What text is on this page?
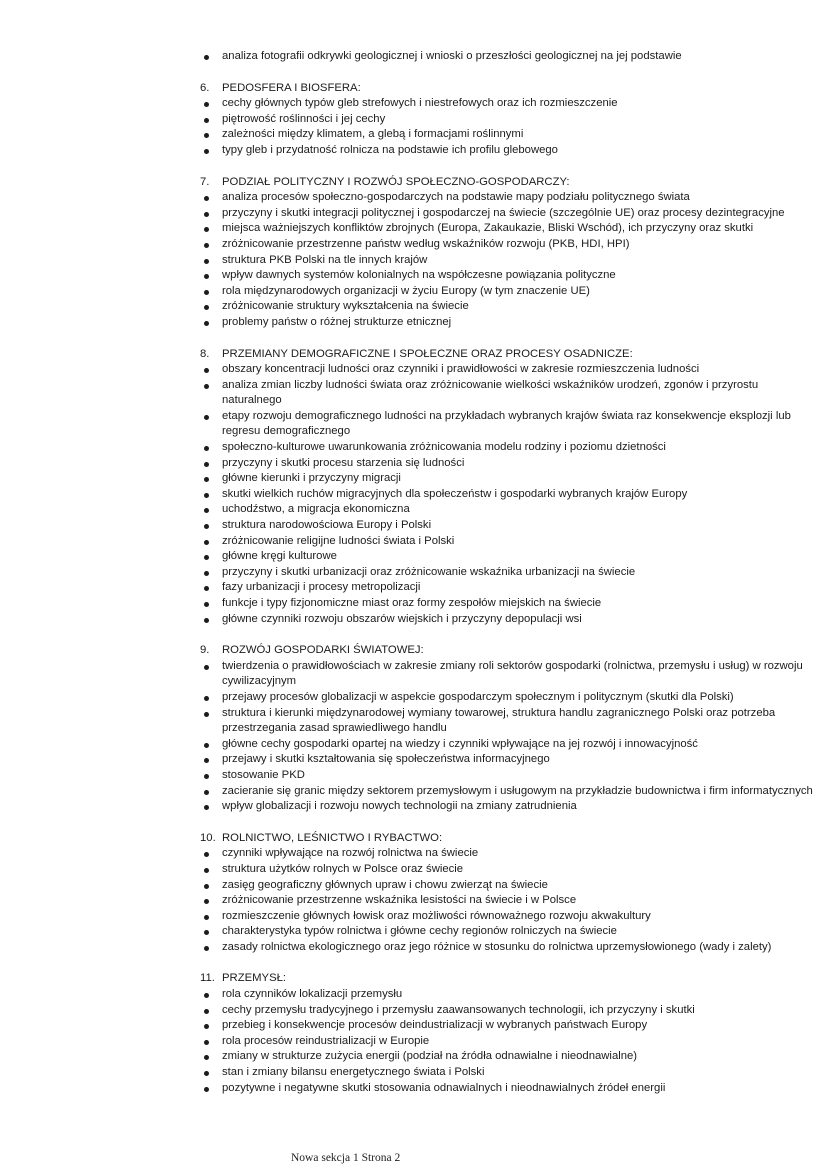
analiza fotografii odkrywki geologicznej i wnioski o przeszłości geologicznej na jej podstawie
6.	PEDOSFERA I BIOSFERA:
cechy głównych typów gleb strefowych i niestrefowych oraz ich rozmieszczenie
piętrowość roślinności i jej cechy
zależności między klimatem, a glebą i formacjami roślinnymi
typy gleb i przydatność rolnicza na podstawie ich profilu glebowego
7.	PODZIAŁ POLITYCZNY I ROZWÓJ SPOŁECZNO-GOSPODARCZY:
analiza procesów społeczno-gospodarczych na podstawie mapy podziału politycznego świata
przyczyny i skutki integracji politycznej i gospodarczej na świecie (szczególnie UE) oraz procesy dezintegracyjne
miejsca ważniejszych konfliktów zbrojnych (Europa, Zakaukazie, Bliski Wschód), ich przyczyny oraz skutki
zróżnicowanie przestrzenne państw według wskaźników rozwoju (PKB, HDI, HPI)
struktura PKB Polski na tle innych krajów
wpływ dawnych systemów kolonialnych na współczesne powiązania polityczne
rola międzynarodowych organizacji w życiu Europy (w tym znaczenie UE)
zróżnicowanie struktury wykształcenia na świecie
problemy państw o różnej strukturze etnicznej
8.	PRZEMIANY DEMOGRAFICZNE I SPOŁECZNE ORAZ PROCESY OSADNICZE:
obszary koncentracji ludności oraz czynniki i prawidłowości w zakresie rozmieszczenia ludności
analiza zmian liczby ludności świata oraz zróżnicowanie wielkości wskaźników urodzeń, zgonów i przyrostu naturalnego
etapy rozwoju demograficznego ludności na przykładach wybranych krajów świata raz konsekwencje eksplozji lub regresu demograficznego
społeczno-kulturowe uwarunkowania zróżnicowania modelu rodziny i poziomu dzietności
przyczyny i skutki procesu starzenia się ludności
główne kierunki i przyczyny migracji
skutki wielkich ruchów migracyjnych dla społeczeństw i gospodarki wybranych krajów Europy
uchodźstwo, a migracja ekonomiczna
struktura narodowościowa Europy i Polski
zróżnicowanie religijne ludności świata i Polski
główne kręgi kulturowe
przyczyny i skutki urbanizacji oraz zróżnicowanie wskaźnika urbanizacji na świecie
fazy urbanizacji i procesy metropolizacji
funkcje i typy fizjonomiczne miast oraz formy zespołów miejskich na świecie
główne czynniki rozwoju obszarów wiejskich i przyczyny depopulacji wsi
9.	ROZWÓJ GOSPODARKI ŚWIATOWEJ:
twierdzenia o prawidłowościach w zakresie zmiany roli sektorów gospodarki (rolnictwa, przemysłu i usług) w rozwoju cywilizacyjnym
przejawy procesów globalizacji w aspekcie gospodarczym społecznym i politycznym (skutki dla Polski)
struktura i kierunki międzynarodowej wymiany towarowej, struktura handlu zagranicznego Polski oraz potrzeba przestrzegania zasad sprawiedliwego handlu
główne cechy gospodarki opartej na wiedzy i czynniki wpływające na jej rozwój i innowacyjność
przejawy i skutki kształtowania się społeczeństwa informacyjnego
stosowanie PKD
zacieranie się granic między sektorem przemysłowym i usługowym na przykładzie budownictwa i firm informatycznych
wpływ globalizacji i rozwoju nowych technologii na zmiany zatrudnienia
10. ROLNICTWO, LEŚNICTWO I RYBACTWO:
czynniki wpływające na rozwój rolnictwa na świecie
struktura użytków rolnych w Polsce oraz świecie
zasięg geograficzny głównych upraw i chowu zwierząt na świecie
zróżnicowanie przestrzenne wskaźnika lesistości na świecie i w Polsce
rozmieszczenie głównych łowisk oraz możliwości równoważnego rozwoju akwakultury
charakterystyka typów rolnictwa i główne cechy regionów rolniczych na świecie
zasady rolnictwa ekologicznego oraz jego różnice w stosunku do rolnictwa uprzemysłowionego (wady i zalety)
11. PRZEMYSŁ:
rola czynników lokalizacji przemysłu
cechy przemysłu tradycyjnego i przemysłu zaawansowanych technologii, ich przyczyny i skutki
przebieg i konsekwencje procesów deindustrializacji w wybranych państwach Europy
rola procesów reindustrializacji w Europie
zmiany w strukturze zużycia energii (podział na źródła odnawialne i nieodnawialne)
stan i zmiany bilansu energetycznego świata i Polski
pozytywne i negatywne skutki stosowania odnawialnych i nieodnawialnych źródeł energii
Nowa sekcja 1 Strona 2
